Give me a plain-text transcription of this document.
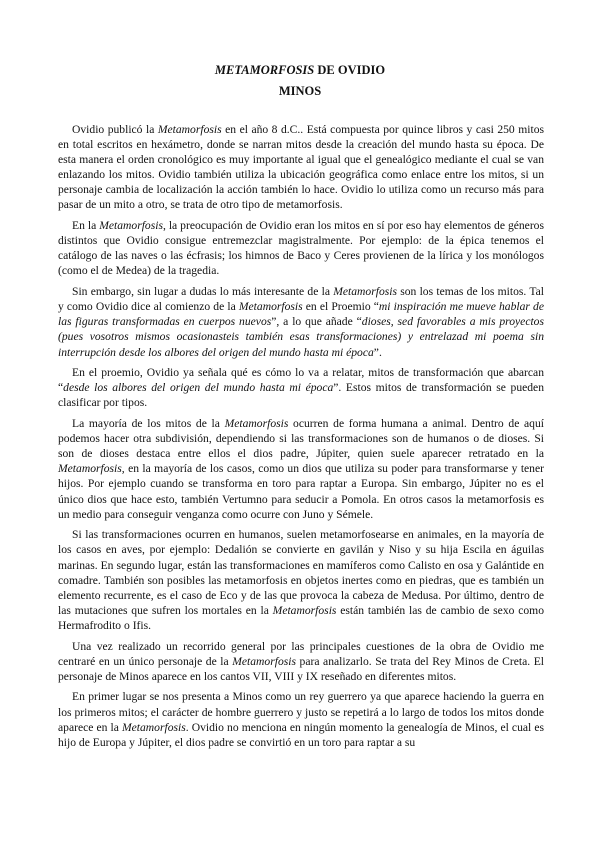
METAMORFOSIS DE OVIDIO
MINOS

Ovidio publicó la Metamorfosis en el año 8 d.C.. Está compuesta por quince libros y casi 250 mitos en total escritos en hexámetro, donde se narran mitos desde la creación del mundo hasta su época. De esta manera el orden cronológico es muy importante al igual que el genealógico mediante el cual se van enlazando los mitos. Ovidio también utiliza la ubicación geográfica como enlace entre los mitos, si un personaje cambia de localización la acción también lo hace. Ovidio lo utiliza como un recurso más para pasar de un mito a otro, se trata de otro tipo de metamorfosis.

En la Metamorfosis, la preocupación de Ovidio eran los mitos en sí por eso hay elementos de géneros distintos que Ovidio consigue entremezclar magistralmente. Por ejemplo: de la épica tenemos el catálogo de las naves o las écfrasis; los himnos de Baco y Ceres provienen de la lírica y los monólogos (como el de Medea) de la tragedia.

Sin embargo, sin lugar a dudas lo más interesante de la Metamorfosis son los temas de los mitos. Tal y como Ovidio dice al comienzo de la Metamorfosis en el Proemio “mi inspiración me mueve hablar de las figuras transformadas en cuerpos nuevos”, a lo que añade “dioses, sed favorables a mis proyectos (pues vosotros mismos ocasionasteis también esas transformaciones) y entrelazad mi poema sin interrupción desde los albores del origen del mundo hasta mi época”.

En el proemio, Ovidio ya señala qué es cómo lo va a relatar, mitos de transformación que abarcan “desde los albores del origen del mundo hasta mi época”. Estos mitos de transformación se pueden clasificar por tipos.

La mayoría de los mitos de la Metamorfosis ocurren de forma humana a animal. Dentro de aquí podemos hacer otra subdivisión, dependiendo si las transformaciones son de humanos o de dioses. Si son de dioses destaca entre ellos el dios padre, Júpiter, quien suele aparecer retratado en la Metamorfosis, en la mayoría de los casos, como un dios que utiliza su poder para transformarse y tener hijos. Por ejemplo cuando se transforma en toro para raptar a Europa. Sin embargo, Júpiter no es el único dios que hace esto, también Vertumno para seducir a Pomola. En otros casos la metamorfosis es un medio para conseguir venganza como ocurre con Juno y Sémele.

Si las transformaciones ocurren en humanos, suelen metamorfosearse en animales, en la mayoría de los casos en aves, por ejemplo: Dedalión se convierte en gavilán y Niso y su hija Escila en águilas marinas. En segundo lugar, están las transformaciones en mamíferos como Calisto en osa y Galántide en comadre. También son posibles las metamorfosis en objetos inertes como en piedras, que es también un elemento recurrente, es el caso de Eco y de las que provoca la cabeza de Medusa. Por último, dentro de las mutaciones que sufren los mortales en la Metamorfosis están también las de cambio de sexo como Hermafrodito o Ifis.

Una vez realizado un recorrido general por las principales cuestiones de la obra de Ovidio me centraré en un único personaje de la Metamorfosis para analizarlo. Se trata del Rey Minos de Creta. El personaje de Minos aparece en los cantos VII, VIII y IX reseñado en diferentes mitos.

En primer lugar se nos presenta a Minos como un rey guerrero ya que aparece haciendo la guerra en los primeros mitos; el carácter de hombre guerrero y justo se repetirá a lo largo de todos los mitos donde aparece en la Metamorfosis. Ovidio no menciona en ningún momento la genealogía de Minos, el cual es hijo de Europa y Júpiter, el dios padre se convirtió en un toro para raptar a su
